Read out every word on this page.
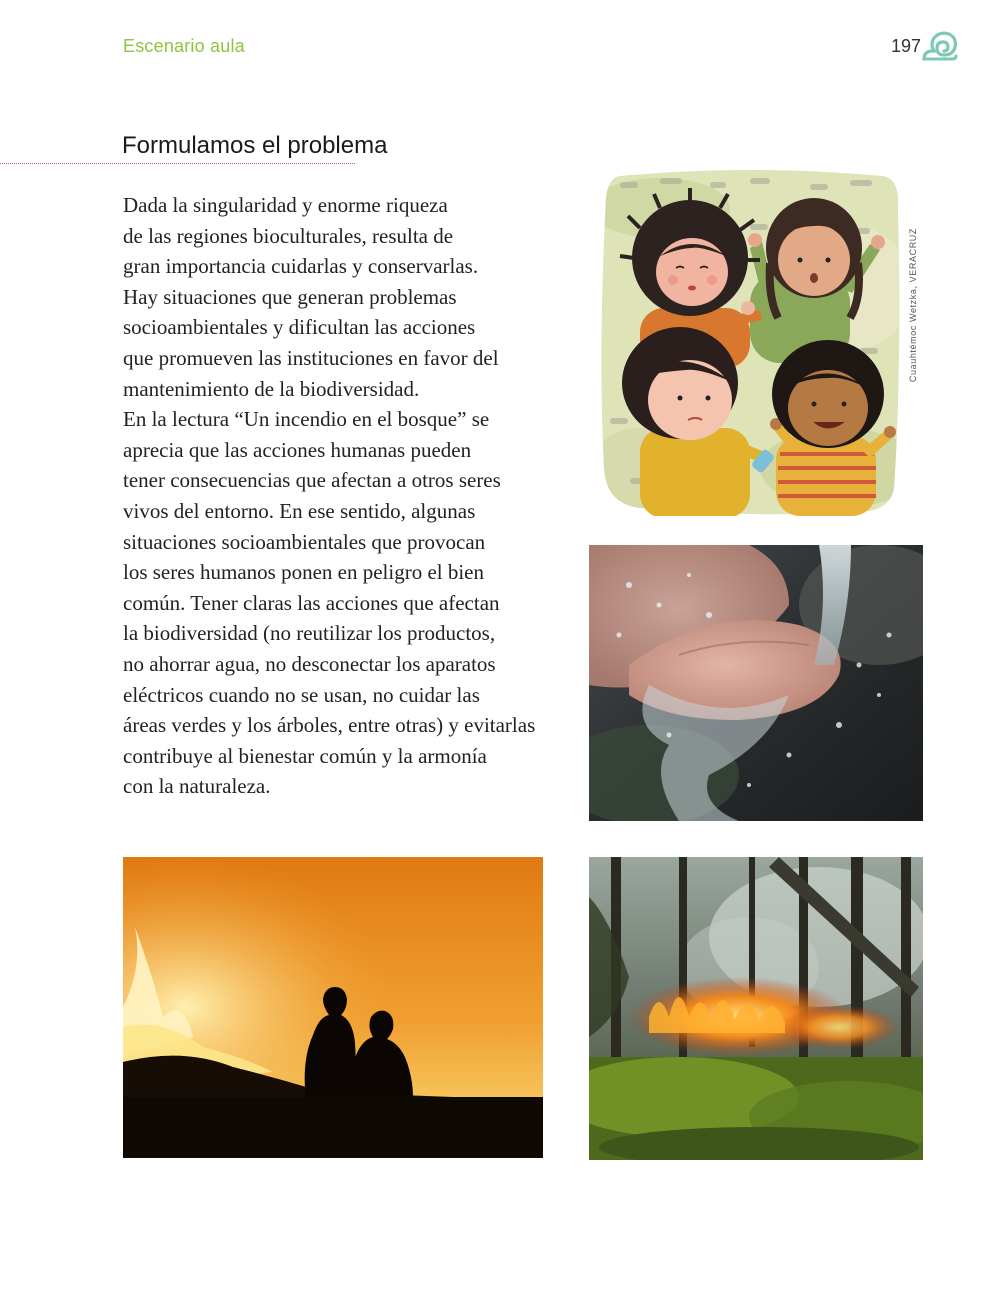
Escenario aula	197
Formulamos el problema

Dada la singularidad y enorme riqueza
de las regiones bioculturales, resulta de
gran importancia cuidarlas y conservarlas.
Hay situaciones que generan problemas
socioambientales y dificultan las acciones
que promueven las instituciones en favor del
mantenimiento de la biodiversidad.
En la lectura “Un incendio en el bosque” se
aprecia que las acciones humanas pueden
tener consecuencias que afectan a otros seres
vivos del entorno. En ese sentido, algunas
situaciones socioambientales que provocan
los seres humanos ponen en peligro el bien
común. Tener claras las acciones que afectan
la biodiversidad (no reutilizar los productos,
no ahorrar agua, no desconectar los aparatos
eléctricos cuando no se usan, no cuidar las
áreas verdes y los árboles, entre otras) y evitarlas
contribuye al bienestar común y la armonía
con la naturaleza.

Cuauhtémoc Wetzka, VERACRUZ
